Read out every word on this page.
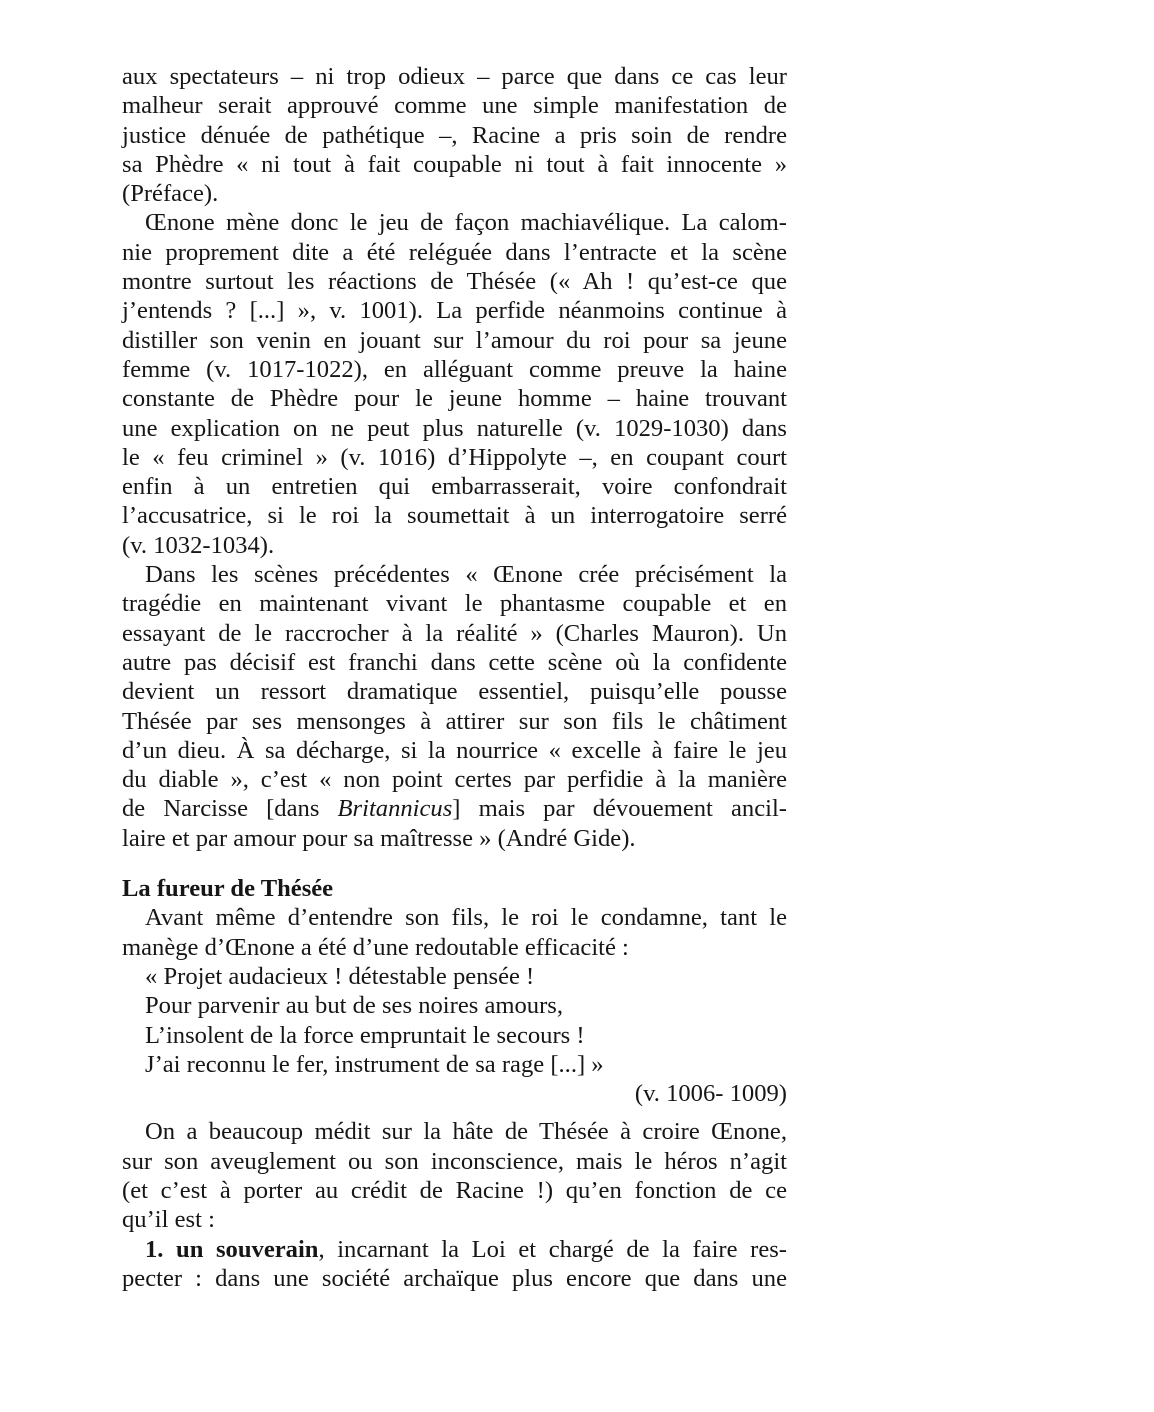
aux spectateurs – ni trop odieux – parce que dans ce cas leur

malheur serait approuvé comme une simple manifestation de

justice dénuée de pathétique –, Racine a pris soin de rendre

sa Phèdre « ni tout à fait coupable ni tout à fait innocente »

(Préface).

Œnone mène donc le jeu de façon machiavélique. La calom-

nie proprement dite a été reléguée dans l’entracte et la scène

montre surtout les réactions de Thésée (« Ah ! qu’est-ce que

j’entends ? [...] », v. 1001). La perfide néanmoins continue à

distiller son venin en jouant sur l’amour du roi pour sa jeune

femme (v. 1017-1022), en alléguant comme preuve la haine

constante de Phèdre pour le jeune homme – haine trouvant

une explication on ne peut plus naturelle (v. 1029-1030) dans

le « feu criminel » (v. 1016) d’Hippolyte –, en coupant court

enfin à un entretien qui embarrasserait, voire confondrait

l’accusatrice, si le roi la soumettait à un interrogatoire serré

(v. 1032-1034).

Dans les scènes précédentes « Œnone crée précisément la

tragédie en maintenant vivant le phantasme coupable et en

essayant de le raccrocher à la réalité » (Charles Mauron). Un

autre pas décisif est franchi dans cette scène où la confidente

devient un ressort dramatique essentiel, puisqu’elle pousse

Thésée par ses mensonges à attirer sur son fils le châtiment

d’un dieu. À sa décharge, si la nourrice « excelle à faire le jeu

du diable », c’est « non point certes par perfidie à la manière

de Narcisse [dans Britannicus] mais par dévouement ancil-

laire et par amour pour sa maîtresse » (André Gide).

La fureur de Thésée

Avant même d’entendre son fils, le roi le condamne, tant le

manège d’Œnone a été d’une redoutable efficacité :

« Projet audacieux ! détestable pensée !
Pour parvenir au but de ses noires amours,
L’insolent de la force empruntait le secours !
J’ai reconnu le fer, instrument de sa rage [...] »
(v. 1006- 1009)

On a beaucoup médit sur la hâte de Thésée à croire Œnone,

sur son aveuglement ou son inconscience, mais le héros n’agit

(et c’est à porter au crédit de Racine !) qu’en fonction de ce

qu’il est :

1. un souverain, incarnant la Loi et chargé de la faire res-

pecter : dans une société archaïque plus encore que dans une
